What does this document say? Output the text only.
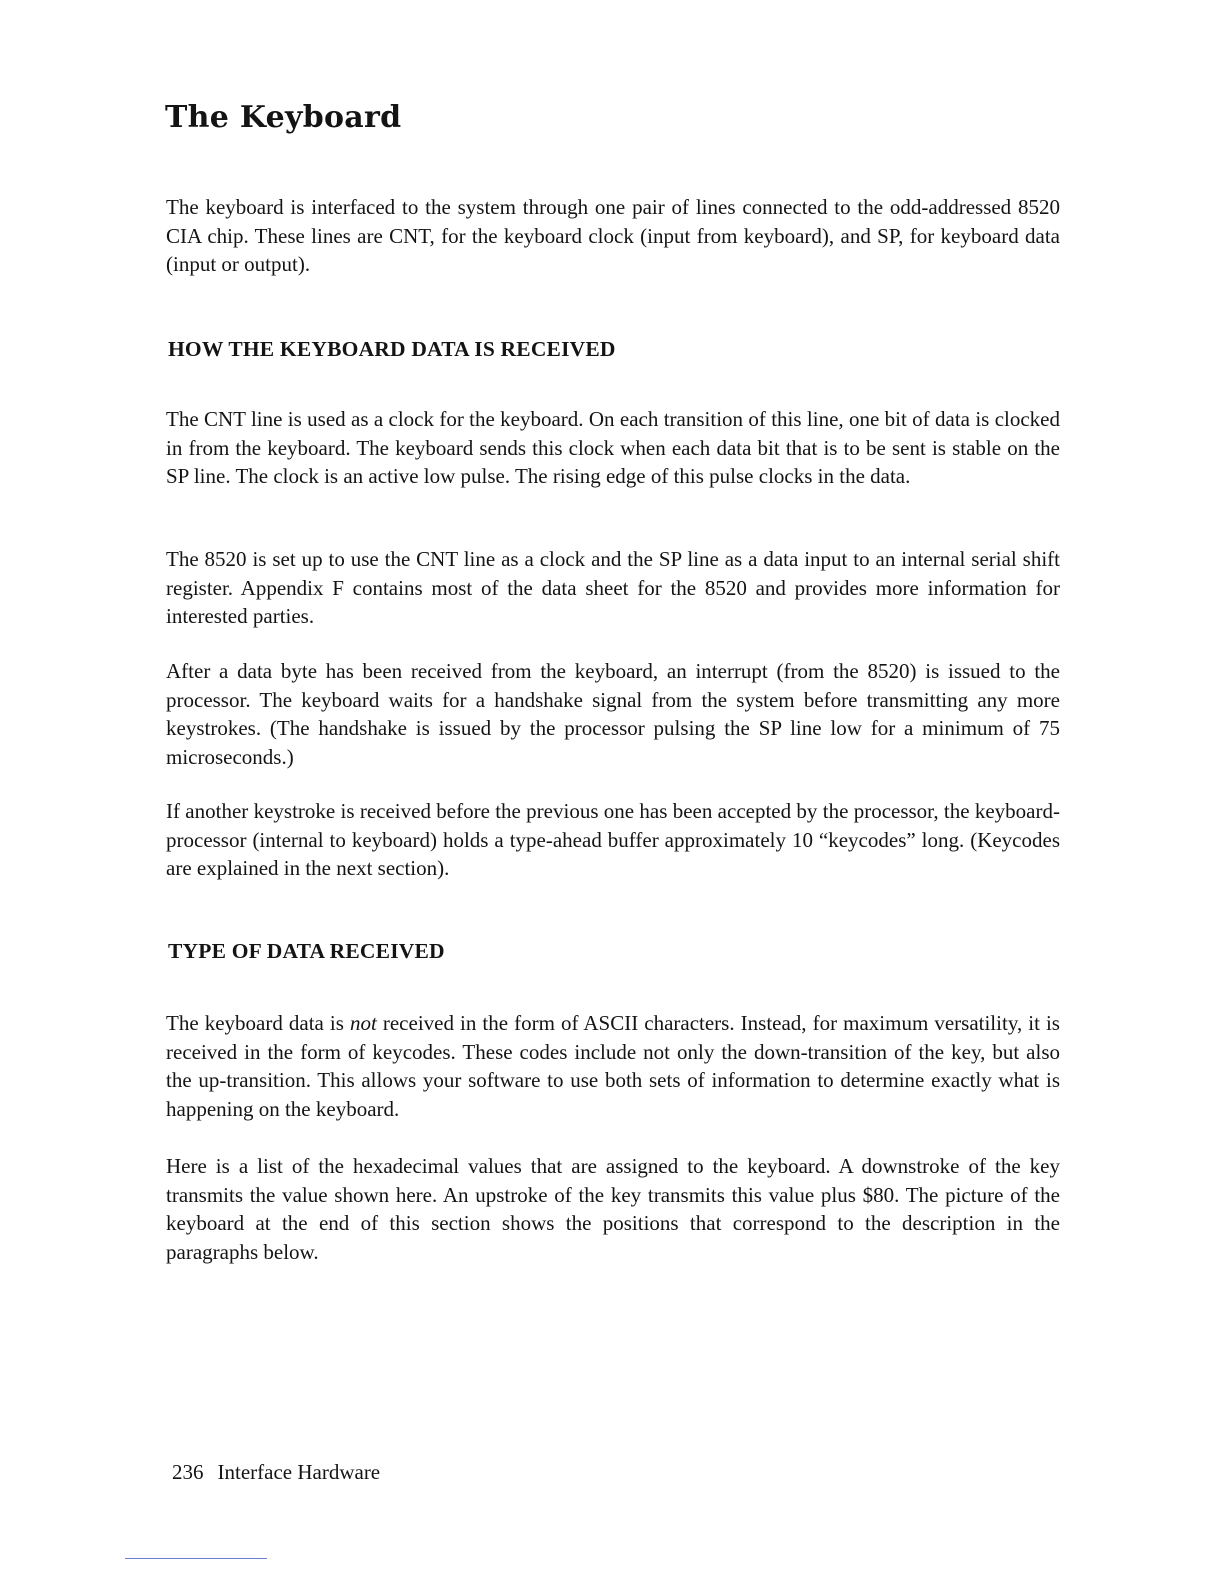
The Keyboard

The keyboard is interfaced to the system through one pair of lines connected to the odd-addressed 8520 CIA chip. These lines are CNT, for the keyboard clock (input from keyboard), and SP, for keyboard data (input or output).

HOW THE KEYBOARD DATA IS RECEIVED

The CNT line is used as a clock for the keyboard. On each transition of this line, one bit of data is clocked in from the keyboard. The keyboard sends this clock when each data bit that is to be sent is stable on the SP line. The clock is an active low pulse. The rising edge of this pulse clocks in the data.

The 8520 is set up to use the CNT line as a clock and the SP line as a data input to an internal serial shift register. Appendix F contains most of the data sheet for the 8520 and provides more information for interested parties.

After a data byte has been received from the keyboard, an interrupt (from the 8520) is issued to the processor. The keyboard waits for a handshake signal from the system before transmitting any more keystrokes. (The handshake is issued by the processor pulsing the SP line low for a minimum of 75 microseconds.)

If another keystroke is received before the previous one has been accepted by the processor, the keyboard-processor (internal to keyboard) holds a type-ahead buffer approximately 10 “keycodes” long. (Keycodes are explained in the next section).

TYPE OF DATA RECEIVED

The keyboard data is not received in the form of ASCII characters. Instead, for maximum versatility, it is received in the form of keycodes. These codes include not only the down-transition of the key, but also the up-transition. This allows your software to use both sets of information to determine exactly what is happening on the keyboard.

Here is a list of the hexadecimal values that are assigned to the keyboard. A downstroke of the key transmits the value shown here. An upstroke of the key transmits this value plus $80. The picture of the keyboard at the end of this section shows the positions that correspond to the description in the paragraphs below.

236 Interface Hardware
